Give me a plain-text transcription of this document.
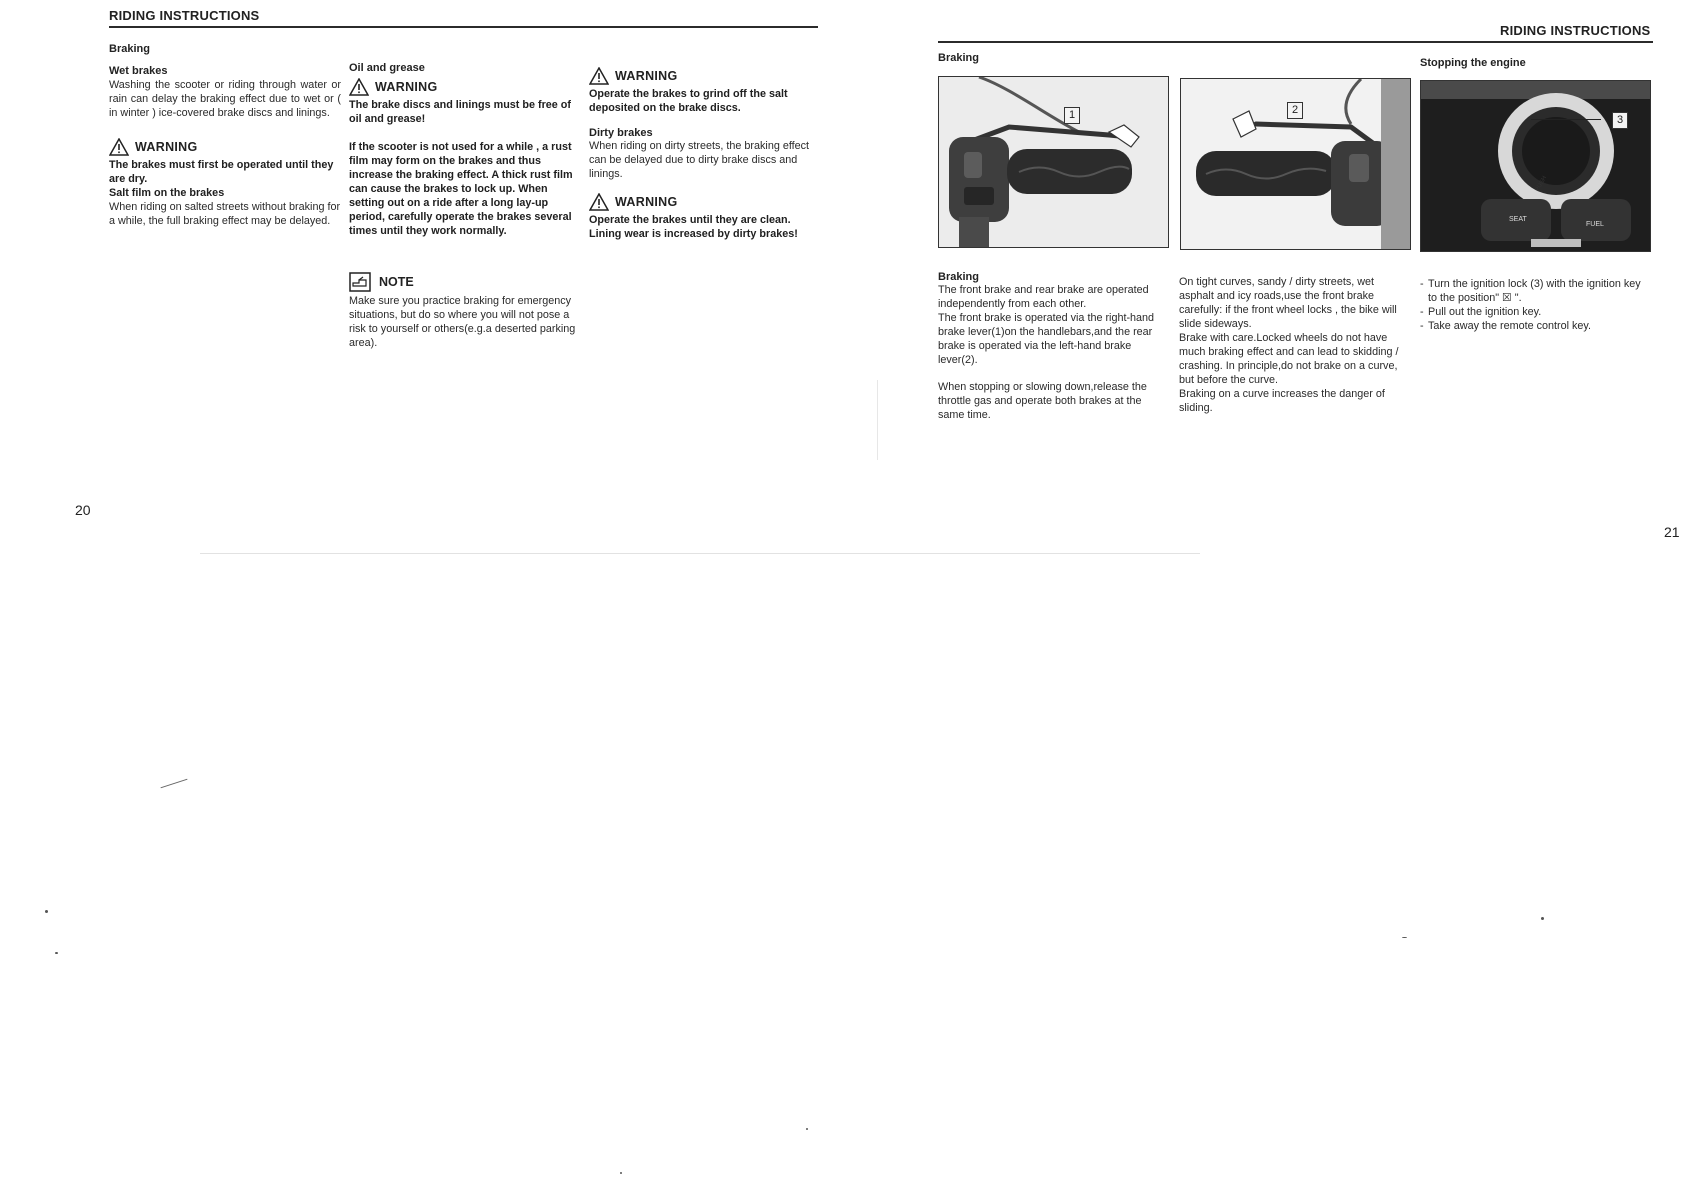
RIDING INSTRUCTIONS
Braking
Wet brakes

Washing the scooter or riding through water or rain can delay the braking effect due to wet or ( in winter ) ice-covered brake discs and linings.

WARNING

The brakes must first be operated until they are dry.

Salt film on the brakes

When riding on salted streets without braking for a while, the full braking effect may be delayed.

Oil and grease
WARNING

The brake discs and linings must be free of oil and grease!

If the scooter is not used for a while , a rust film may form on the brakes and thus increase the braking effect. A thick rust film can cause the brakes to lock up. When setting out on a ride after a long lay-up period, carefully operate the brakes several times until they work normally.

NOTE

Make sure you practice braking for emergency situations, but do so where you will not pose a risk to yourself or others(e.g.a deserted parking area).

WARNING

Operate the brakes to grind off the salt deposited on the brake discs.

Dirty brakes

When riding on dirty streets, the braking effect can be delayed due to dirty brake discs and linings.

WARNING

Operate the brakes until they are clean. Lining wear is increased by dirty brakes!

20
RIDING INSTRUCTIONS
Braking	Stopping the engine
1	2
SEAT
FUEL
PUSH
3
Braking

The front brake and rear brake are operated independently from each other.

The front brake is operated via the right-hand brake lever(1)on the handlebars,and the rear brake is operated via the left-hand brake lever(2).

When stopping or slowing down,release the throttle gas and operate both brakes at the same time.

On tight curves, sandy / dirty streets, wet asphalt and icy roads,use the front brake carefully: if the front wheel locks , the bike will slide sideways.

Brake with care.Locked wheels do not have much braking effect and can lead to skidding / crashing. In principle,do not brake on a curve, but before the curve.

Braking on a curve increases the danger of sliding.

- Turn the ignition lock (3) with the ignition key to the position" ☒ ".
- Pull out the ignition key.
- Take away the remote control key.
21
